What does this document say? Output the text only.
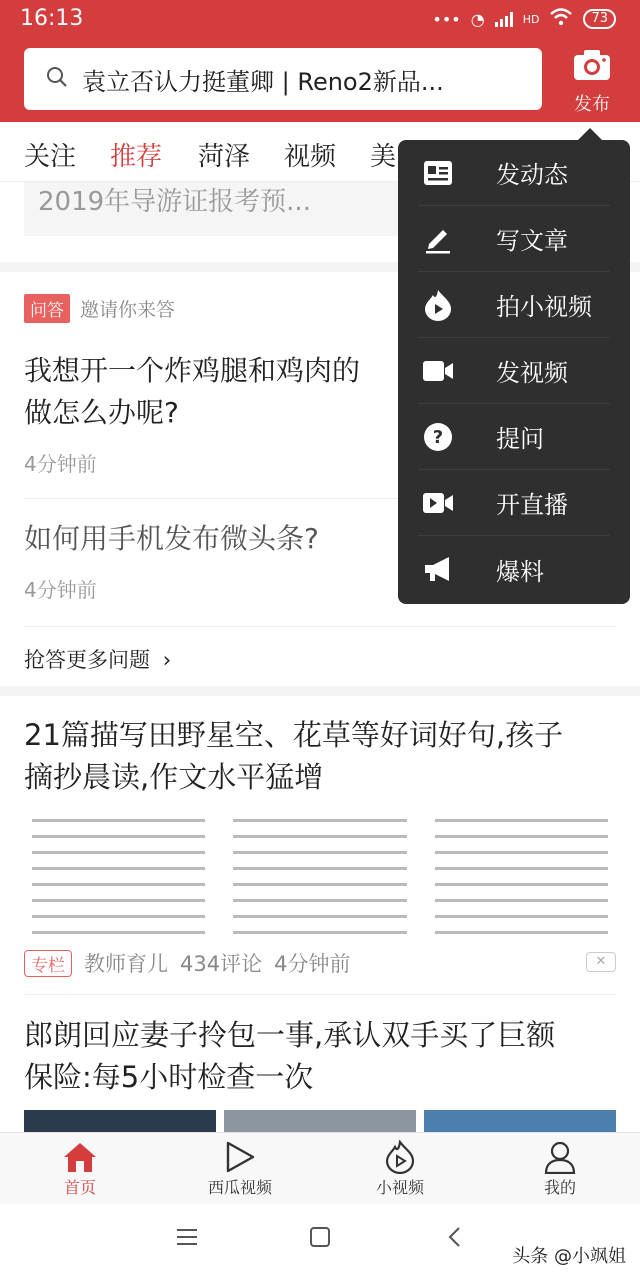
16:13	••• ◔	HD	73
袁立否认力挺董卿 | Reno2新品...
发布
关注 推荐 菏泽 视频 美
2019年导游证报考预...
问答 邀请你来答
我想开一个炸鸡腿和鸡肉的
做怎么办呢?
4分钟前
如何用手机发布微头条?
4分钟前
抢答更多问题 ›
21篇描写田野星空、花草等好词好句,孩子
摘抄晨读,作文水平猛增
专栏 教师育儿 434评论 4分钟前	✕
郎朗回应妻子拎包一事,承认双手买了巨额
保险:每5小时检查一次
发动态
写文章
拍小视频
发视频
? 提问
开直播
爆料
首页	西瓜视频	小视频	我的
头条 @小飒姐
